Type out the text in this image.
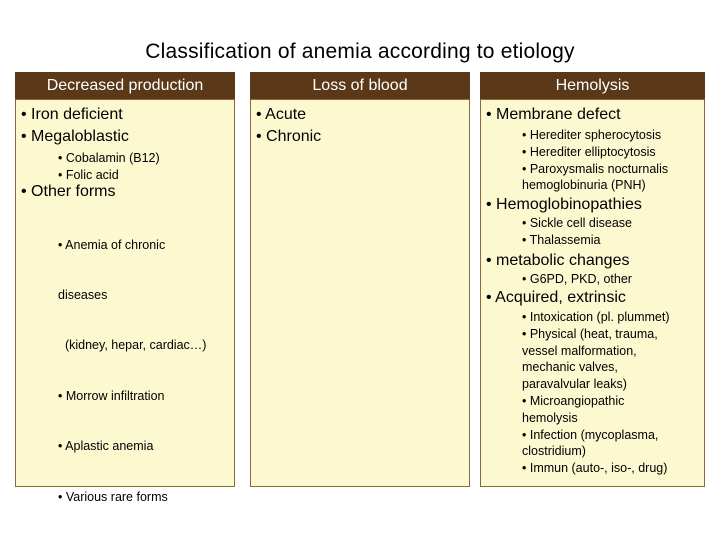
Classification of anemia according to etiology
Decreased production
• Iron deficient
• Megaloblastic
• Cobalamin (B12)
• Folic acid
• Other forms

• Anemia of chronic

diseases

(kidney, hepar, cardiac…)

• Morrow infiltration

• Aplastic anemia

• Various rare forms

Loss of blood
• Acute
• Chronic
Hemolysis
• Membrane defect
• Herediter spherocytosis
• Herediter elliptocytosis
• Paroxysmalis nocturnalis
hemoglobinuria (PNH)
• Hemoglobinopathies
• Sickle cell disease
• Thalassemia
• metabolic changes
• G6PD, PKD, other
• Acquired, extrinsic
• Intoxication (pl. plummet)
• Physical (heat, trauma,
vessel malformation,
mechanic valves,
paravalvular leaks)
• Microangiopathic
hemolysis
• Infection (mycoplasma,
clostridium)
• Immun (auto-, iso-, drug)
